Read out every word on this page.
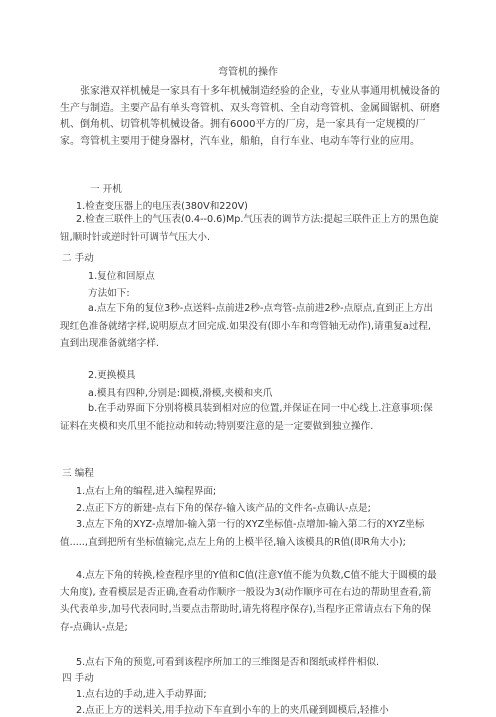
弯管机的操作
张家港双祥机械是一家具有十多年机械制造经验的企业，专业从事通用机械设备的生产与制造。主要产品有单头弯管机、双头弯管机、全自动弯管机、金属圆锯机、研磨机、倒角机、切管机等机械设备。拥有6000平方的厂房，是一家具有一定规模的厂家。弯管机主要用于健身器材，汽车业，船舶，自行车业、电动车等行业的应用。
一 开机
1.检查变压器上的电压表(380V和220V)
2.检查三联件上的气压表(0.4--0.6)Mp.气压表的调节方法:提起三联件正上方的黑色旋钮,顺时针或逆时针可调节气压大小.
二 手动
1.复位和回原点
方法如下:
a.点左下角的复位3秒-点送料-点前进2秒-点弯管-点前进2秒-点原点,直到正上方出现红色准备就绪字样,说明原点才回完成.如果没有(即小车和弯管轴无动作),请重复a过程,直到出现准备就绪字样.
2.更换模具
a.模具有四种,分别是:圆模,滑模,夹模和夹爪
b.在手动界面下分别将模具装到相对应的位置,并保证在同一中心线上.注意事项:保证料在夹模和夹爪里不能拉动和转动;特别要注意的是一定要做到独立操作.
三 编程
1.点右上角的编程,进入编程界面;
2.点正下方的新建-点右下角的保存-输入该产品的文件名-点确认-点是;
3.点左下角的XYZ-点增加-输入第一行的XYZ坐标值-点增加-输入第二行的XYZ坐标值.....,直到把所有坐标值输完,点左上角的上模半径,输入该模具的R值(即R角大小);
4.点左下角的转换,检查程序里的Y值和C值(注意Y值不能为负数,C值不能大于圆模的最大角度), 查看模层是否正确,查看动作顺序一般设为3(动作顺序可在右边的帮助里查看,箭头代表单步,加号代表同时,当要点击帮助时,请先将程序保存),当程序正常请点右下角的保存-点确认-点是;
5.点右下角的预览,可看到该程序所加工的三维图是否和图纸或样件相似.
四 手动
1.点右边的手动,进入手动界面;
2.点正上方的送料关,用手拉动下车直到小车的上的夹爪碰到圆模后,轻推小
